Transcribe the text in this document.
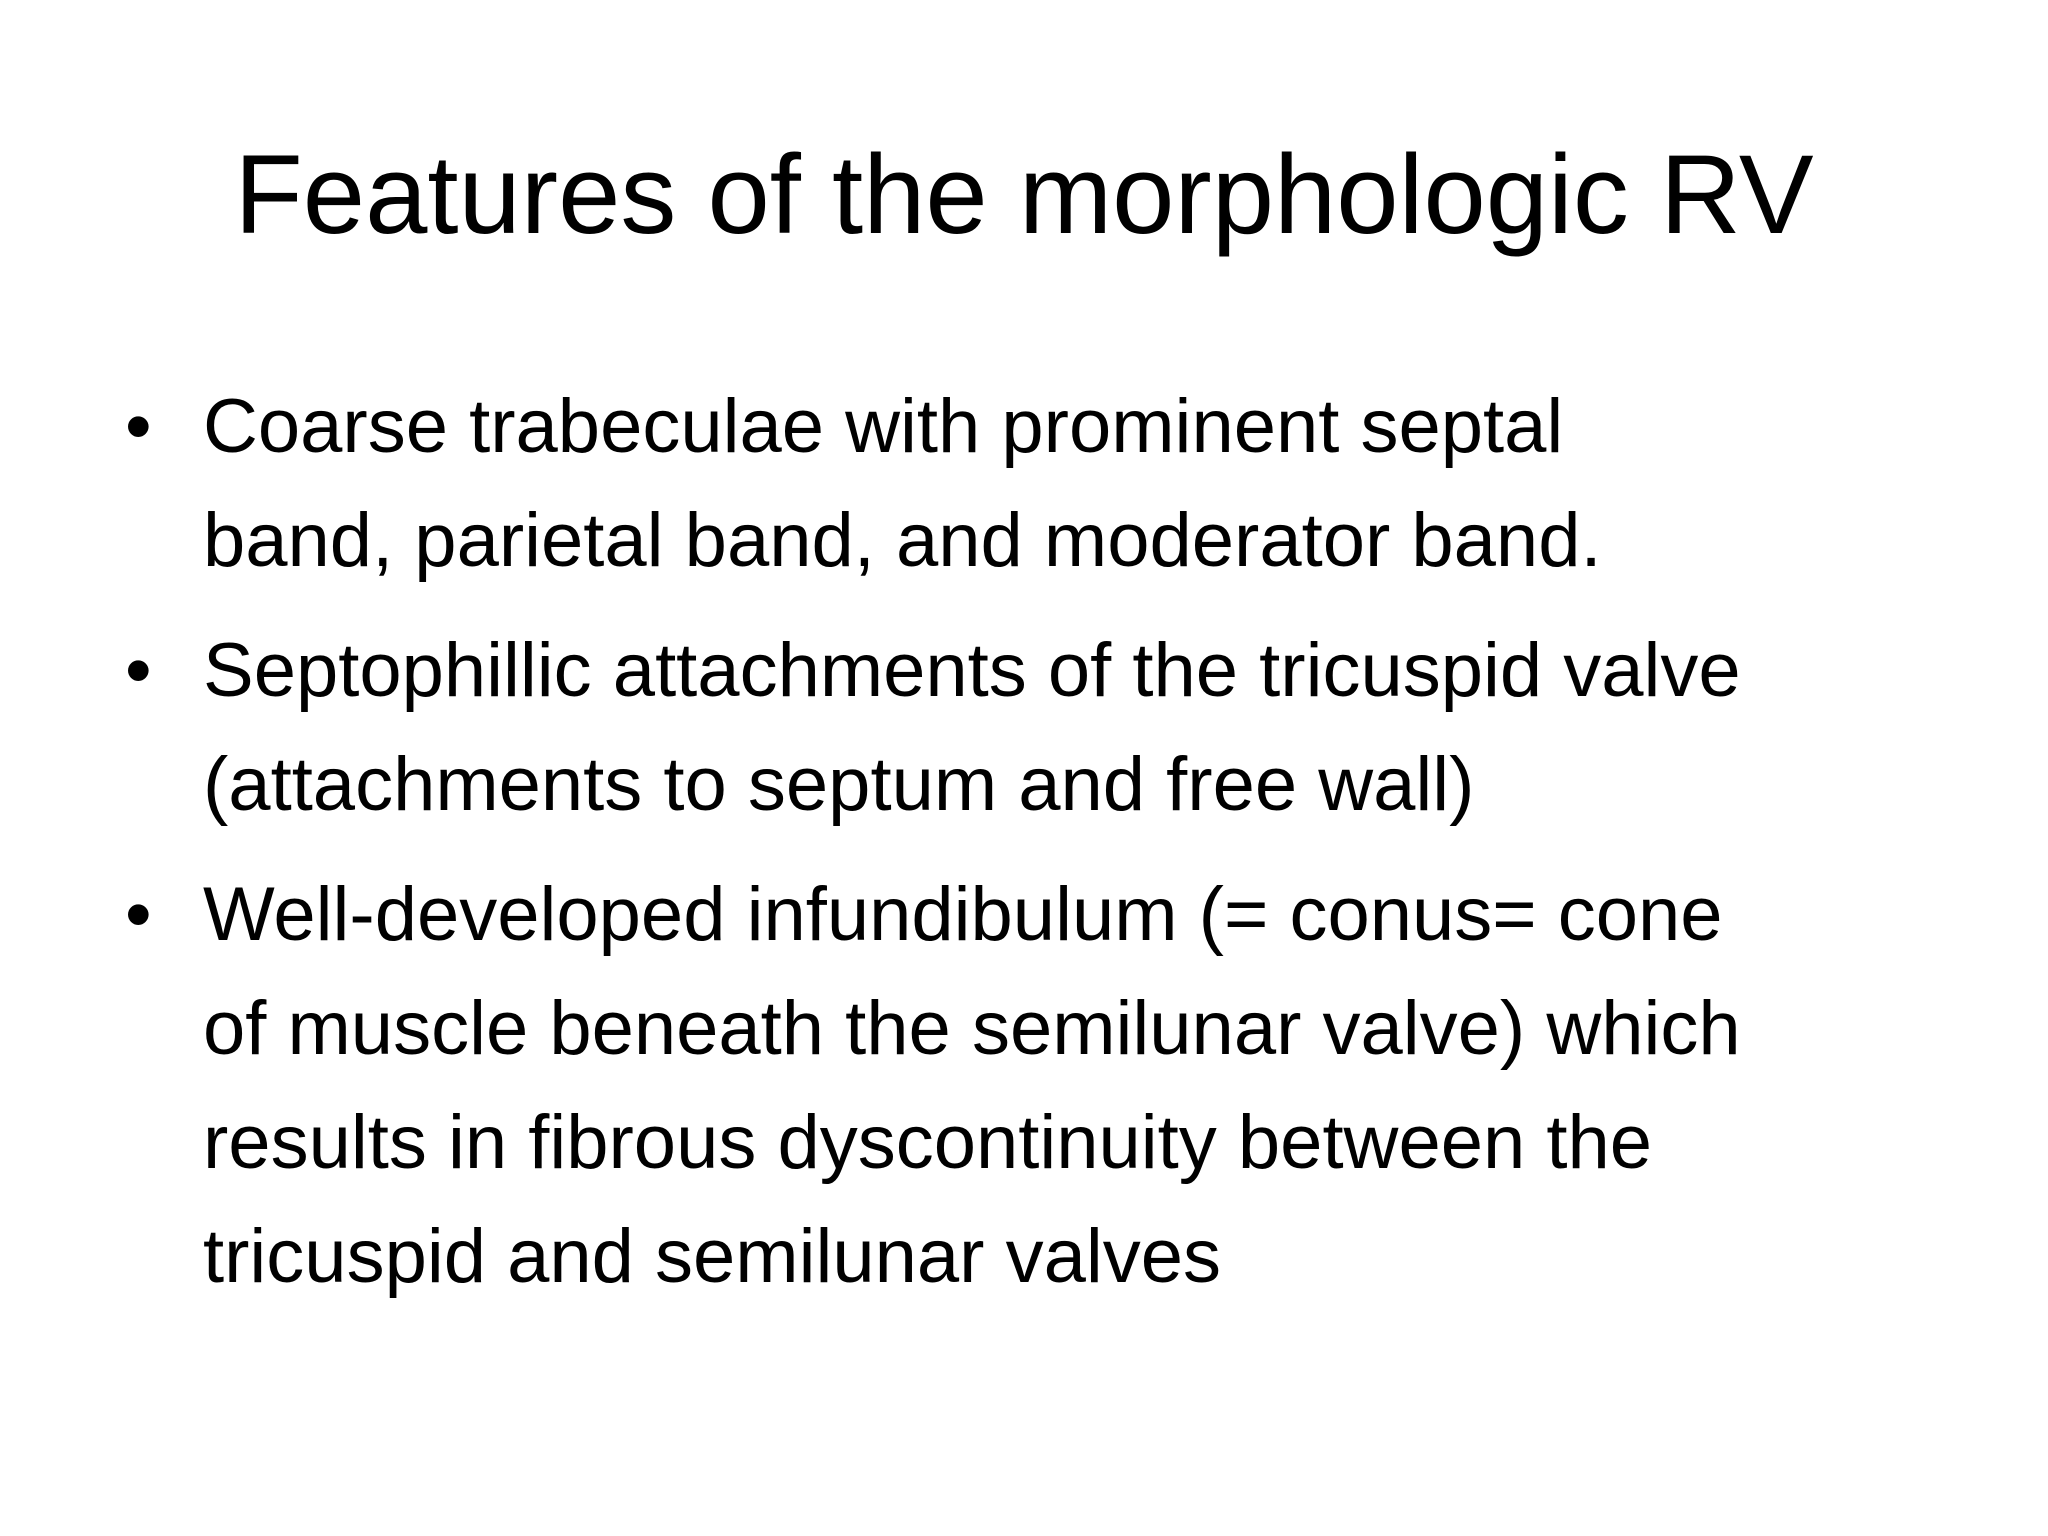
Features of the morphologic RV
• Coarse trabeculae with prominent septal
band, parietal band, and moderator band.
• Septophillic attachments of the tricuspid valve
(attachments to septum and free wall)
• Well-developed infundibulum (= conus= cone
of muscle beneath the semilunar valve) which
results in fibrous dyscontinuity between the
tricuspid and semilunar valves
